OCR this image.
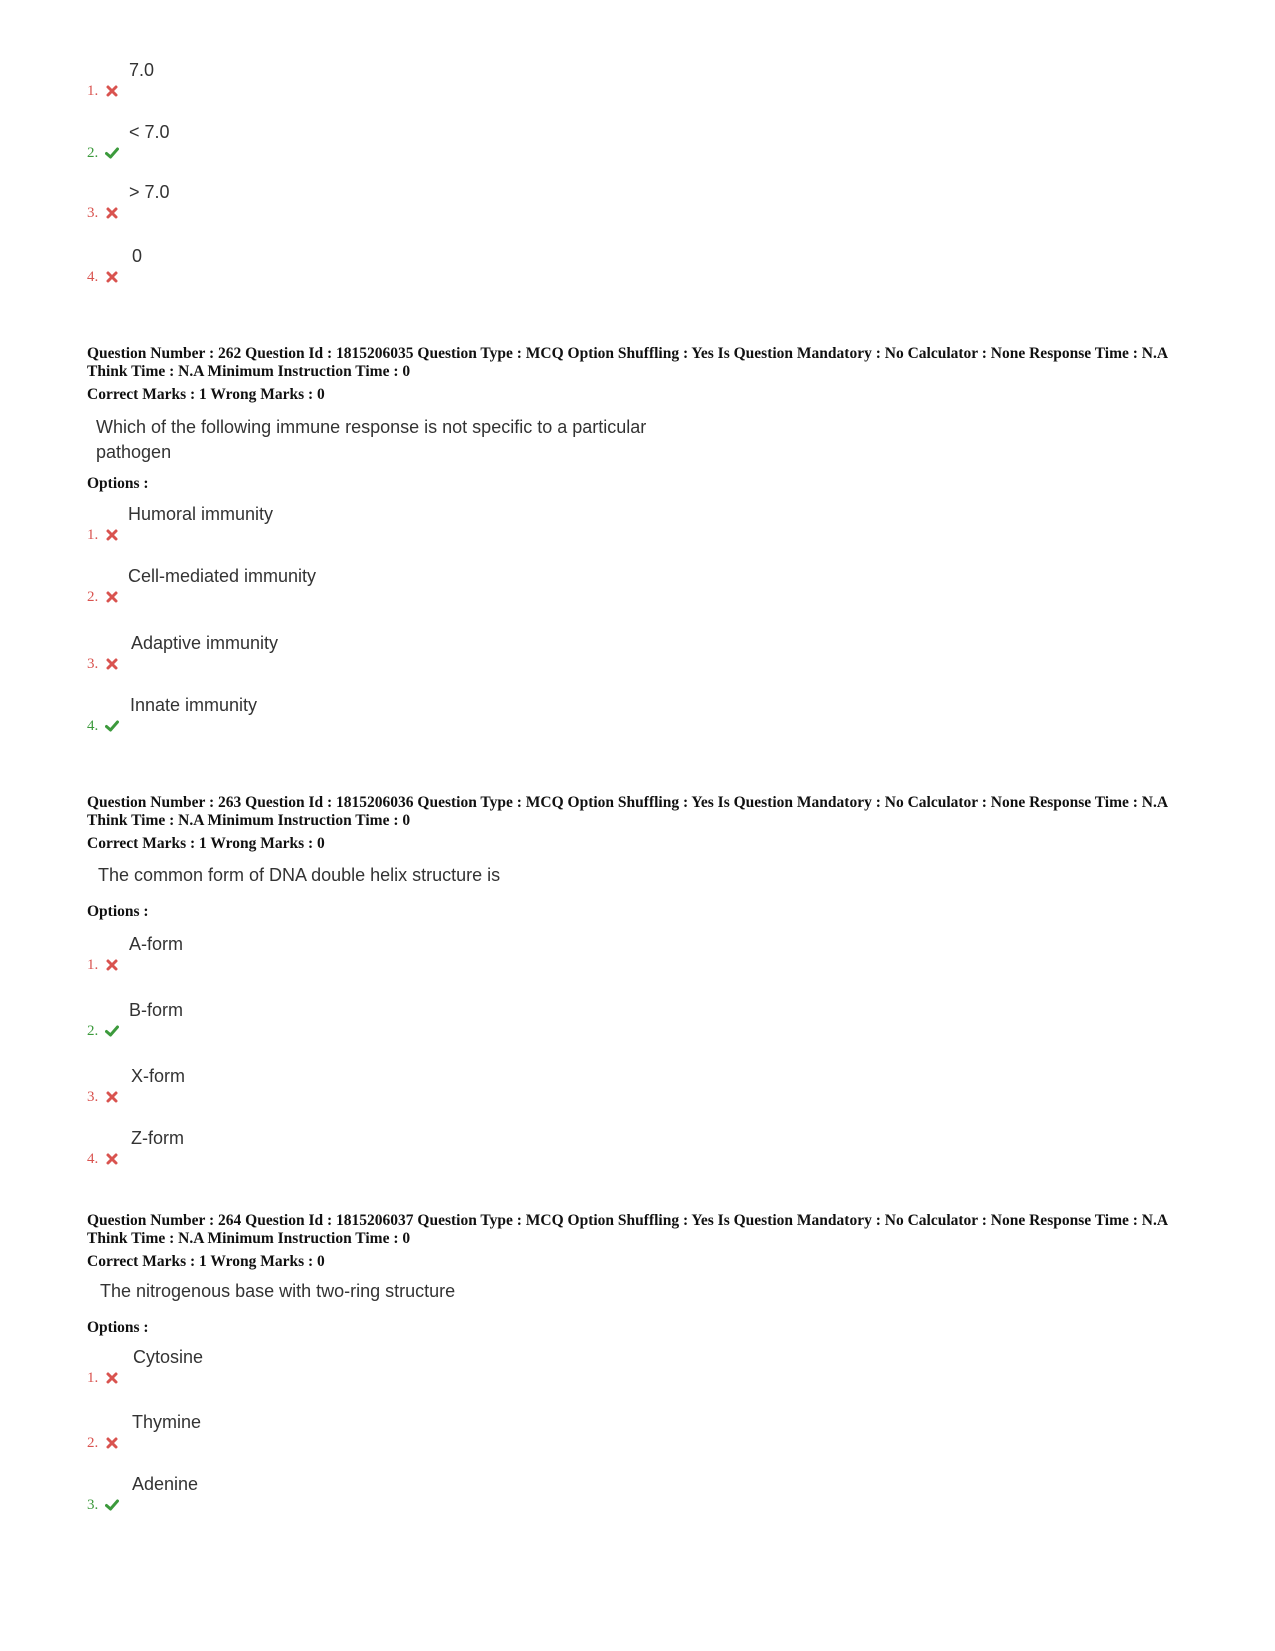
1.
7.0
2.
< 7.0
3.
> 7.0
4.
0
Question Number : 262 Question Id : 1815206035 Question Type : MCQ Option Shuffling : Yes Is Question Mandatory : No Calculator : None Response Time : N.A Think Time : N.A Minimum Instruction Time : 0
Correct Marks : 1 Wrong Marks : 0
Which of the following immune response is not specific to a particular pathogen
Options :
1.
Humoral immunity
2.
Cell-mediated immunity
3.
Adaptive immunity
4.
Innate immunity
Question Number : 263 Question Id : 1815206036 Question Type : MCQ Option Shuffling : Yes Is Question Mandatory : No Calculator : None Response Time : N.A Think Time : N.A Minimum Instruction Time : 0
Correct Marks : 1 Wrong Marks : 0
The common form of DNA double helix structure is
Options :
1.
A-form
2.
B-form
3.
X-form
4.
Z-form
Question Number : 264 Question Id : 1815206037 Question Type : MCQ Option Shuffling : Yes Is Question Mandatory : No Calculator : None Response Time : N.A Think Time : N.A Minimum Instruction Time : 0
Correct Marks : 1 Wrong Marks : 0
The nitrogenous base with two-ring structure
Options :
1.
Cytosine
2.
Thymine
3.
Adenine
